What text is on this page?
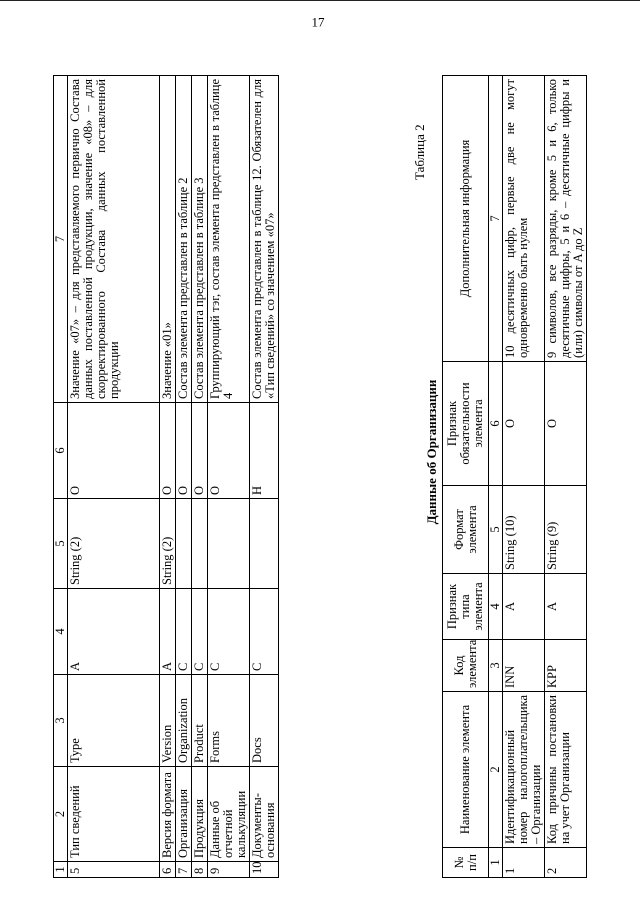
17
1	2	3	4	5	6	7
5	Тип сведений	Type	А	String (2)	О	Значение «07» – для представляемого первично Состава данных поставленной продукции, значение «08» – для скорректированного Состава данных поставленной продукции
6	Версия формата	Version	А	String (2)	О	Значение «01»
7	Организация	Organization	С		О	Состав элемента представлен в таблице 2
8	Продукция	Product	С		О	Состав элемента представлен в таблице 3
9	Данные об отчетной калькуляции	Forms	С		О	Группирующий тэг, состав элемента представлен в таблице 4
10	Документы-основания	Docs	С		Н	Состав элемента представлен в таблице 12. Обязателен для «Тип сведений» со значением «07»
Таблица 2
Данные об Организации
№ п/п	Наименование элемента	Код элемента	Признак типа элемента	Формат элемента	Признак обязательности элемента	Дополнительная информация
1	2	3	4	5	6	7
1	Идентификационный номер налогоплательщика – Организации	INN	А	String (10)	О	10 десятичных цифр, первые две не могут одновременно быть нулем
2	Код причины постановки на учет Организации	KPP	А	String (9)	О	9 символов, все разряды, кроме 5 и 6, только десятичные цифры, 5 и 6 – десятичные цифры и (или) символы от A до Z
